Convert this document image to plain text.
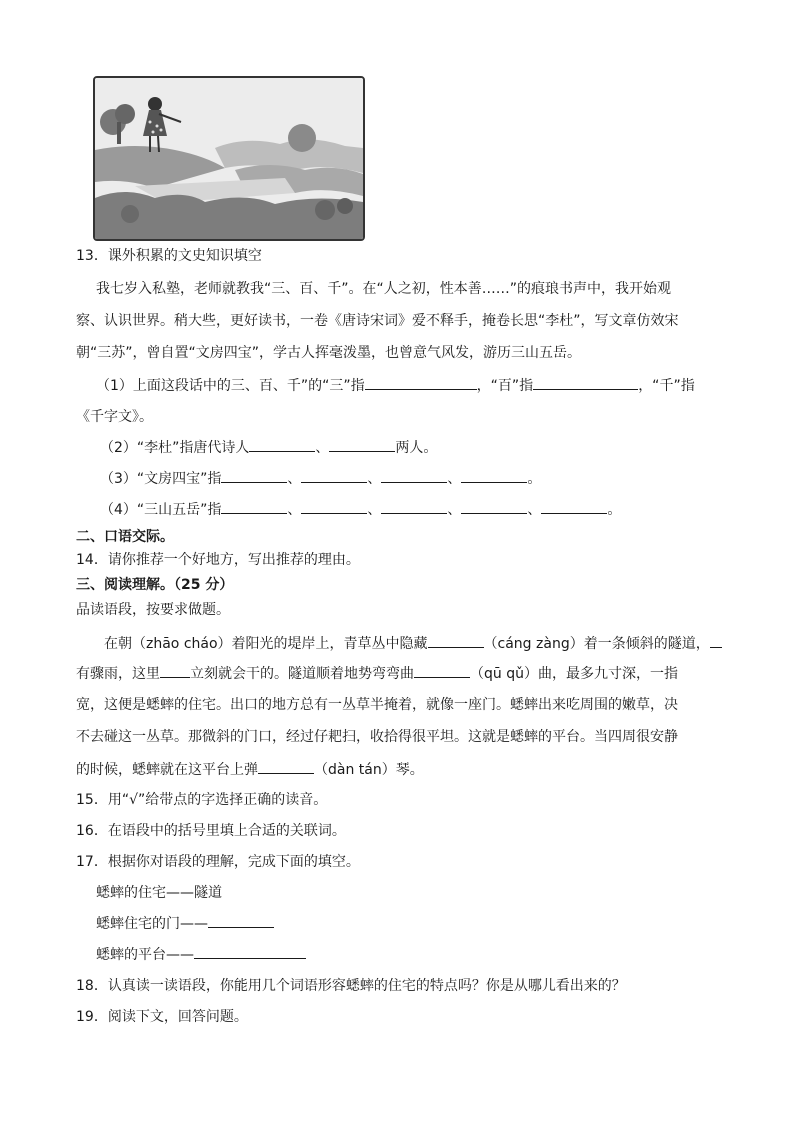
13．课外积累的文史知识填空
我七岁入私塾，老师就教我“三、百、千”。在“人之初，性本善……”的痕琅书声中，我开始观
察、认识世界。稍大些，更好读书，一卷《唐诗宋词》爱不释手，掩卷长思“李杜”，写文章仿效宋
朝“三苏”，曾自置“文房四宝”，学古人挥毫泼墨，也曾意气风发，游历三山五岳。
（1）上面这段话中的三、百、千”的“三”指	，“百”指	，“千”指
《千字文》。
（2）“李杜”指唐代诗人	、	两人。
（3）“文房四宝”指	、	、	、	。
（4）“三山五岳”指	、	、	、	、	。
二、口语交际。
14．请你推荐一个好地方，写出推荐的理由。
三、阅读理解。（25 分）
品读语段，按要求做题。
在朝（zhāo cháo）着阳光的堤岸上，青草丛中隐藏	（cáng zàng）着一条倾斜的隧道，
有骤雨，这里 立刻就会干的。隧道顺着地势弯弯曲	（qū qǔ）曲，最多九寸深，一指
宽，这便是蟋蟀的住宅。出口的地方总有一丛草半掩着，就像一座门。蟋蟀出来吃周围的嫩草，决
不去碰这一丛草。那微斜的门口，经过仔耙扫，收拾得很平坦。这就是蟋蟀的平台。当四周很安静
的时候，蟋蟀就在这平台上弹	（dàn tán）琴。
15．用“√”给带点的字选择正确的读音。
16．在语段中的括号里填上合适的关联词。
17．根据你对语段的理解，完成下面的填空。
蟋蟀的住宅——隧道
蟋蟀住宅的门——
蟋蟀的平台——
18．认真读一读语段，你能用几个词语形容蟋蟀的住宅的特点吗？你是从哪儿看出来的？
19．阅读下文，回答问题。
